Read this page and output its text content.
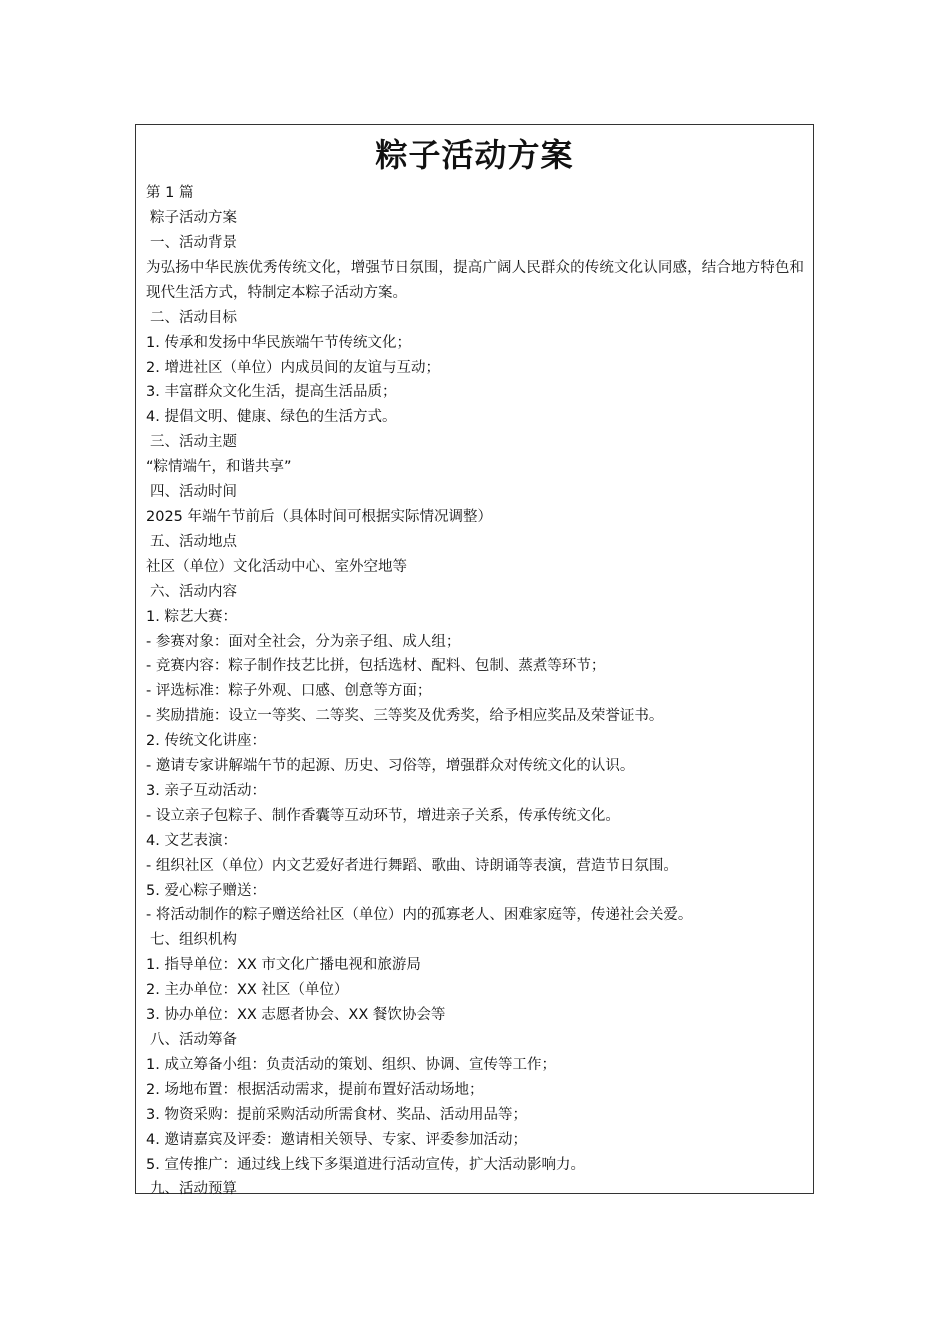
粽子活动方案
第 1 篇
粽子活动方案
一、活动背景
为弘扬中华民族优秀传统文化，增强节日氛围，提高广阔人民群众的传统文化认同感，结合地方特色和现代生活方式，特制定本粽子活动方案。
二、活动目标
1. 传承和发扬中华民族端午节传统文化；
2. 增进社区（单位）内成员间的友谊与互动；
3. 丰富群众文化生活，提高生活品质；
4. 提倡文明、健康、绿色的生活方式。
三、活动主题
“粽情端午，和谐共享”
四、活动时间
2025 年端午节前后（具体时间可根据实际情况调整）
五、活动地点
社区（单位）文化活动中心、室外空地等
六、活动内容
1. 粽艺大赛：
- 参赛对象：面对全社会，分为亲子组、成人组；
- 竞赛内容：粽子制作技艺比拼，包括选材、配料、包制、蒸煮等环节；
- 评选标准：粽子外观、口感、创意等方面；
- 奖励措施：设立一等奖、二等奖、三等奖及优秀奖，给予相应奖品及荣誉证书。
2. 传统文化讲座：
- 邀请专家讲解端午节的起源、历史、习俗等，增强群众对传统文化的认识。
3. 亲子互动活动：
- 设立亲子包粽子、制作香囊等互动环节，增进亲子关系，传承传统文化。
4. 文艺表演：
- 组织社区（单位）内文艺爱好者进行舞蹈、歌曲、诗朗诵等表演，营造节日氛围。
5. 爱心粽子赠送：
- 将活动制作的粽子赠送给社区（单位）内的孤寡老人、困难家庭等，传递社会关爱。
七、组织机构
1. 指导单位：XX 市文化广播电视和旅游局
2. 主办单位：XX 社区（单位）
3. 协办单位：XX 志愿者协会、XX 餐饮协会等
八、活动筹备
1. 成立筹备小组：负责活动的策划、组织、协调、宣传等工作；
2. 场地布置：根据活动需求，提前布置好活动场地；
3. 物资采购：提前采购活动所需食材、奖品、活动用品等；
4. 邀请嘉宾及评委：邀请相关领导、专家、评委参加活动；
5. 宣传推广：通过线上线下多渠道进行活动宣传，扩大活动影响力。
九、活动预算
